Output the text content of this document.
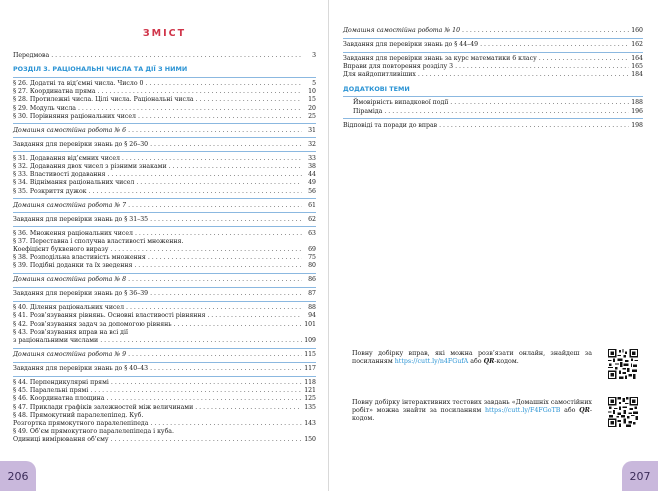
ЗМІСТ
Передмова . . .	3
РОЗДІЛ 3. РАЦІОНАЛЬНІ ЧИСЛА ТА ДІЇ З НИМИ
§ 26. Додатні та від’ємні числа. Число 0 . . .	5
§ 27. Координатна пряма . . .	10
§ 28. Протилежні числа. Цілі числа. Раціональні числа . . .	15
§ 29. Модуль числа . . .	20
§ 30. Порівняння раціональних чисел . . .	25
Домашня самостійна робота № 6 . . .	31
Завдання для перевірки знань до § 26–30 . . .	32
§ 31. Додавання від’ємних чисел . . .	33
§ 32. Додавання двох чисел з різними знаками . . .	38
§ 33. Властивості додавання . . .	44
§ 34. Віднімання раціональних чисел . . .	49
§ 35. Розкриття дужок . . .	56
Домашня самостійна робота № 7 . . .	61
Завдання для перевірки знань до § 31–35 . . .	62
§ 36. Множення раціональних чисел . . .	63
§ 37. Переставна і сполучна властивості множення.
Коефіцієнт буквеного виразу . . .	69
§ 38. Розподільна властивість множення . . .	75
§ 39. Подібні доданки та їх зведення . . .	80
Домашня самостійна робота № 8 . . .	86
Завдання для перевірки знань до § 36–39 . . .	87
§ 40. Ділення раціональних чисел . . .	88
§ 41. Розв’язування рівнянь. Основні властивості рівняння . . .	94
§ 42. Розв’язування задач за допомогою рівнянь . . .	101
§ 43. Розв’язування вправ на всі дії
з раціональними числами . . .	109
Домашня самостійна робота № 9 . . .	115
Завдання для перевірки знань до § 40–43 . . .	117
§ 44. Перпендикулярні прямі . . .	118
§ 45. Паралельні прямі . . .	121
§ 46. Координатна площина . . .	125
§ 47. Приклади графіків залежностей між величинами . . .	135
§ 48. Прямокутний паралелепіпед. Куб.
Розгортка прямокутного паралелепіпеда . . .	143
§ 49. Об’єм прямокутного паралелепіпеда і куба.
Одиниці вимірювання об’єму . . .	150
206
Домашня самостійна робота № 10 . . .	160
Завдання для перевірки знань до § 44–49 . . .	162
Завдання для перевірки знань за курс математики 6 класу . . .	164
Вправи для повторення розділу 3 . . .	165
Для найдопитливіших . . .	184
ДОДАТКОВІ ТЕМИ
Ймовірність випадкової події . . .	188
Піраміда . . .	196
Відповіді та поради до вправ . . .	198
207
Повну добірку вправ, які можна розв’язати онлайн, знайдеш за посиланням https://cutt.ly/n4FGufA або QR-кодом.
Повну добірку інтерактивних тестових завдань «Домашніх самостійних робіт» можна знайти за посиланням https://cutt.ly/F4FGoTB або QR-кодом.
